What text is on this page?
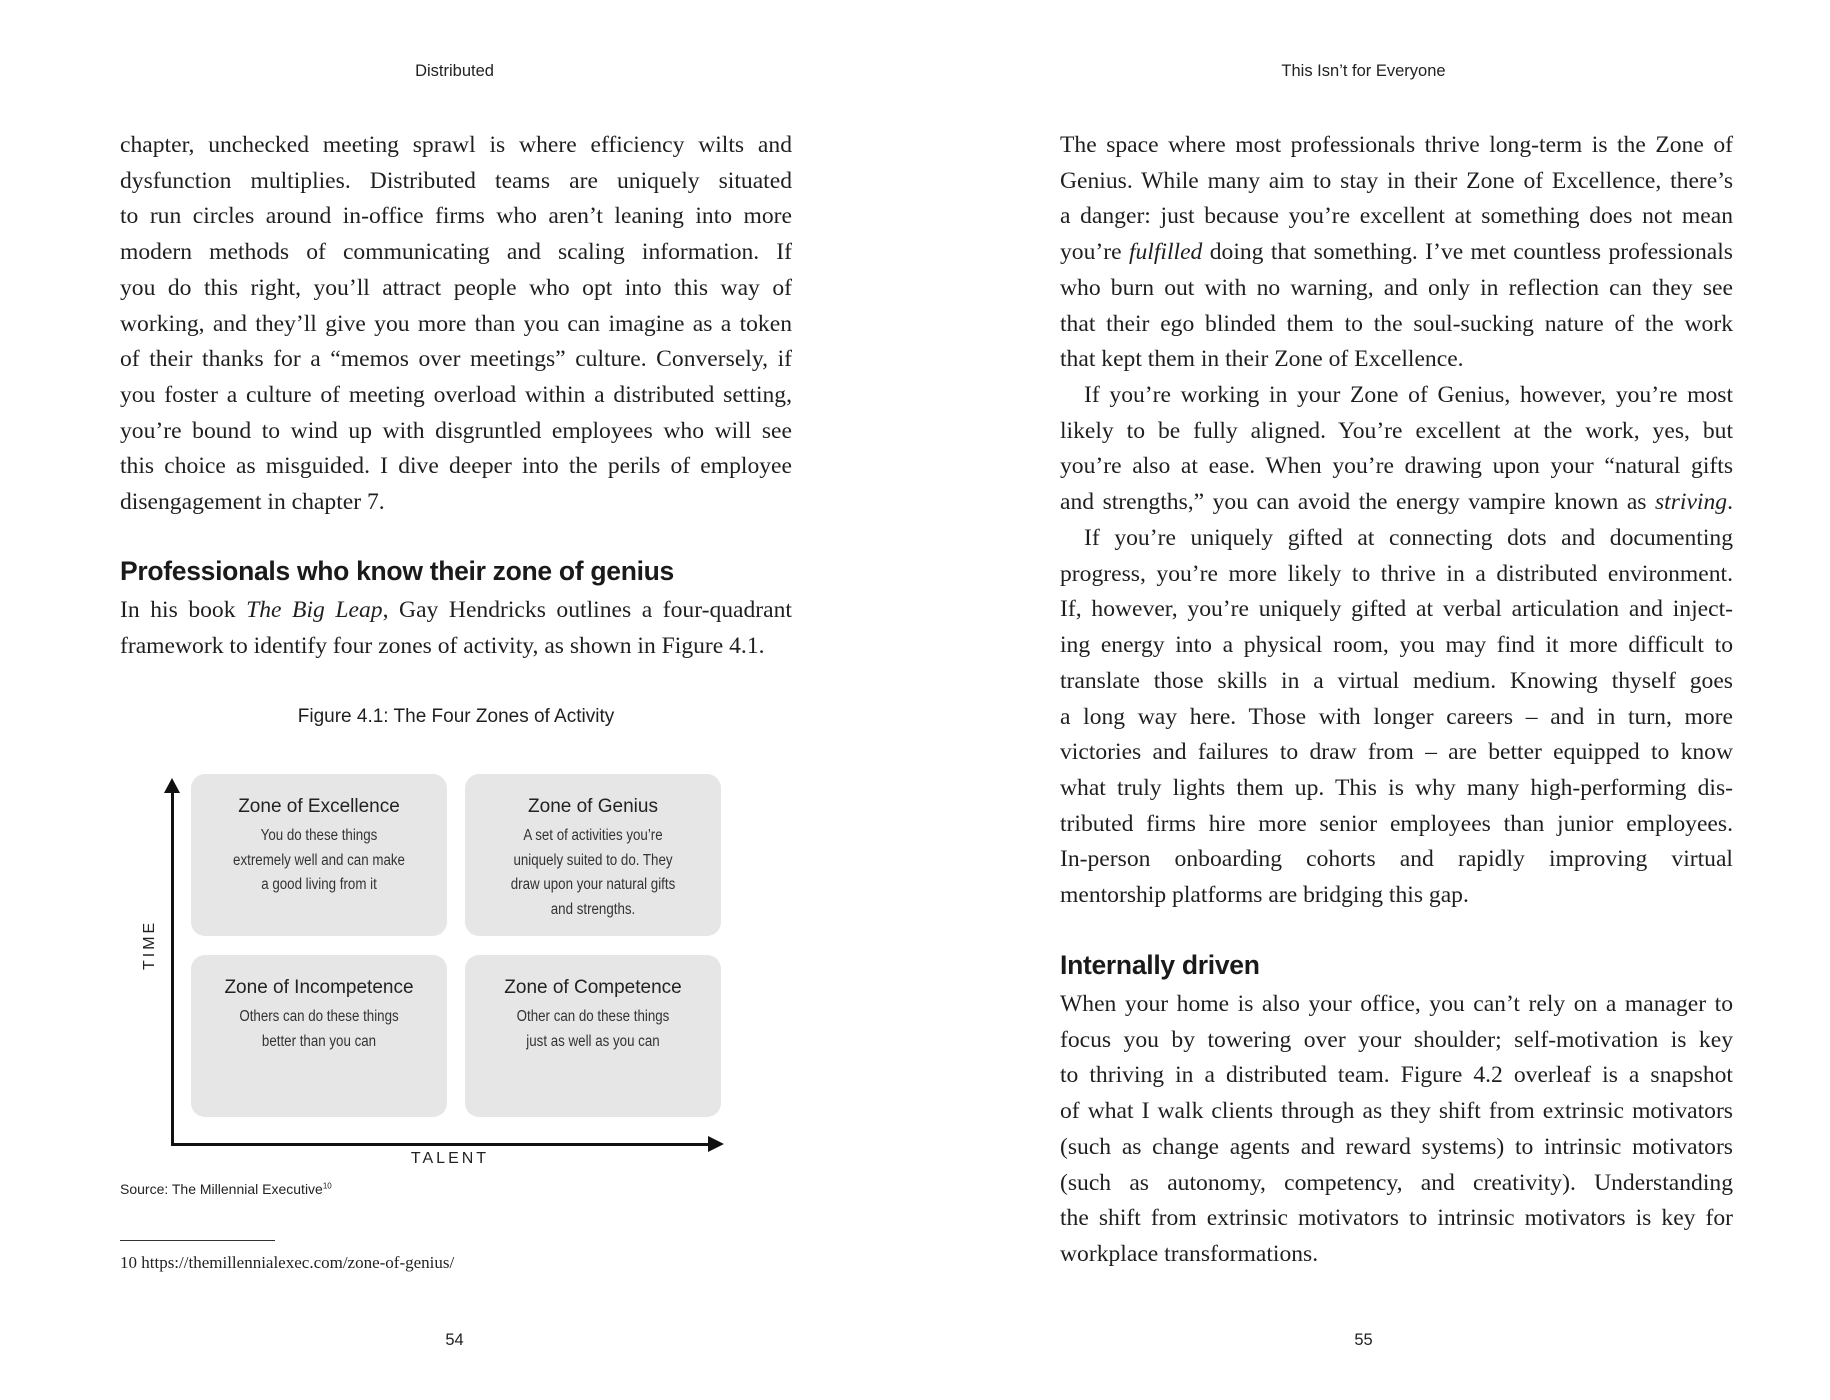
Distributed
chapter, unchecked meeting sprawl is where efficiency wilts and
dysfunction multiplies. Distributed teams are uniquely situated
to run circles around in-office firms who aren’t leaning into more
modern methods of communicating and scaling information. If
you do this right, you’ll attract people who opt into this way of
working, and they’ll give you more than you can imagine as a token
of their thanks for a “memos over meetings” culture. Conversely, if
you foster a culture of meeting overload within a distributed setting,
you’re bound to wind up with disgruntled employees who will see
this choice as misguided. I dive deeper into the perils of employee
disengagement in chapter 7.
Professionals who know their zone of genius
In his book The Big Leap, Gay Hendricks outlines a four-quadrant
framework to identify four zones of activity, as shown in Figure 4.1.
Figure 4.1: The Four Zones of Activity
TIME
TALENT
Zone of Excellence
You do these things extremely well and can make a good living from it
Zone of Genius
A set of activities you’re uniquely suited to do. They draw upon your natural gifts and strengths.
Zone of Incompetence
Others can do these things better than you can
Zone of Competence
Other can do these things just as well as you can
Source: The Millennial Executive$^{10}$
10 https://themillennialexec.com/zone-of-genius/
54
This Isn’t for Everyone
The space where most professionals thrive long-term is the Zone of
Genius. While many aim to stay in their Zone of Excellence, there’s
a danger: just because you’re excellent at something does not mean
you’re fulfilled doing that something. I’ve met countless professionals
who burn out with no warning, and only in reflection can they see
that their ego blinded them to the soul-sucking nature of the work
that kept them in their Zone of Excellence.
If you’re working in your Zone of Genius, however, you’re most
likely to be fully aligned. You’re excellent at the work, yes, but
you’re also at ease. When you’re drawing upon your “natural gifts
and strengths,” you can avoid the energy vampire known as striving.
If you’re uniquely gifted at connecting dots and documenting
progress, you’re more likely to thrive in a distributed environment.
If, however, you’re uniquely gifted at verbal articulation and inject-
ing energy into a physical room, you may find it more difficult to
translate those skills in a virtual medium. Knowing thyself goes
a long way here. Those with longer careers – and in turn, more
victories and failures to draw from – are better equipped to know
what truly lights them up. This is why many high-performing dis-
tributed firms hire more senior employees than junior employees.
In-person onboarding cohorts and rapidly improving virtual
mentorship platforms are bridging this gap.
Internally driven
When your home is also your office, you can’t rely on a manager to
focus you by towering over your shoulder; self-motivation is key
to thriving in a distributed team. Figure 4.2 overleaf is a snapshot
of what I walk clients through as they shift from extrinsic motivators
(such as change agents and reward systems) to intrinsic motivators
(such as autonomy, competency, and creativity). Understanding
the shift from extrinsic motivators to intrinsic motivators is key for
workplace transformations.
55
